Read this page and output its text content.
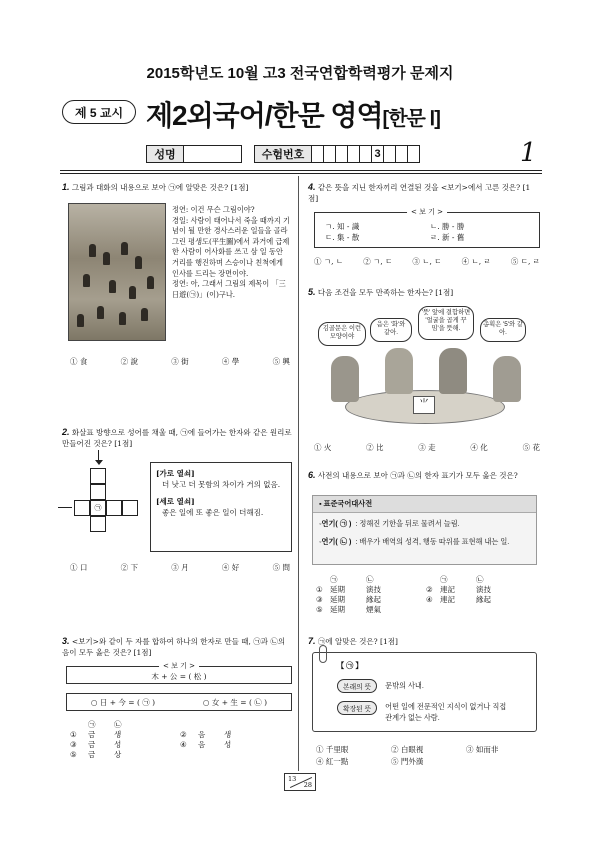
2015학년도 10월 고3 전국연합학력평가 문제지
제 5 교시 제2외국어/한문 영역[한문 Ⅰ]
성명	수험번호	3	1
1. 그림과 대화의 내용으로 보아 ㉠에 알맞은 것은? [1점]

정연: 이건 무슨 그림이야?

경일: 사람이 태어나서 죽을 때까지 기념이 될 만한 경사스러운 일들을 골라 그린 평생도(平生圖)에서 과거에 급제한 사람이 어사화를 쓰고 삼 일 동안 거리를 행진하며 스승이나 친척에게 인사를 드리는 장면이야.

정연: 아, 그래서 그림의 제목이 「三日遊(㉠)」(이)구나.

① 食	② 說	③ 街	④ 學	⑤ 興
2. 화살표 방향으로 성어를 채울 때, ㉠에 들어가는 한자와 같은 원리로 만들어진 것은? [1점]
㉠
[가로 열쇠]
더 낫고 더 못함의 차이가 거의 없음.
[세로 열쇠]
좋은 일에 또 좋은 일이 더해짐.
① 口	② 下	③ 月	④ 好	⑤ 問
3. <보기>와 같이 두 자를 합하여 하나의 한자로 만들 때, ㉠과 ㉡의 음이 모두 옳은 것은? [1점]
< 보 기 >
木 + 公 = ( 松 )
○ 日 + 今 = ( ㉠ )	○ 女 + 生 = ( ㉡ )
㉠	㉡
①	금	생	②	음	생
③	금	성	④	음	성
⑤	금	상
4. 같은 뜻을 지닌 한자끼리 연결된 것을 <보기>에서 고른 것은? [1점]
< 보 기 >
ㄱ. 知 - 識	ㄴ. 勝 - 勝
ㄷ. 集 - 散	ㄹ. 新 - 舊
① ㄱ, ㄴ	② ㄱ, ㄷ	③ ㄴ, ㄷ	④ ㄴ, ㄹ	⑤ ㄷ, ㄹ
5. 다음 조건을 모두 만족하는 한자는? [1점]
⺌
김골문은 이런 모양이야
음은 '화'와 같아.
'뜻' 앞에 결합하면 '얼굴을 곱게 꾸밈'을 뜻해.
총획은 '5'와 같아.
① 火	② 比	③ 走	④ 化	⑤ 花
6. 사전의 내용으로 보아 ㉠과 ㉡의 한자 표기가 모두 옳은 것은?
▪ 표준국어대사전
◦연기( ㉠ ) : 정해진 기한을 뒤로 물려서 늘림.
◦연기( ㉡ ) : 배우가 배역의 성격, 행동 따위를 표현해 내는 일.
㉠	㉡	㉠	㉡
① 延期	演技	② 連記	演技
③ 延期	緣起	④ 連記	緣起
⑤ 延期	煙氣
7. ㉠에 알맞은 것은? [1점]
【 ㉠ 】
본래의 뜻	문밖의 사내.
확장된 뜻	어떤 일에 전문적인 지식이 없거나 직접 관계가 없는 사람.
① 千里眼	② 白眼視	③ 如而非
④ 紅一點	⑤ 門外漢
13
28
